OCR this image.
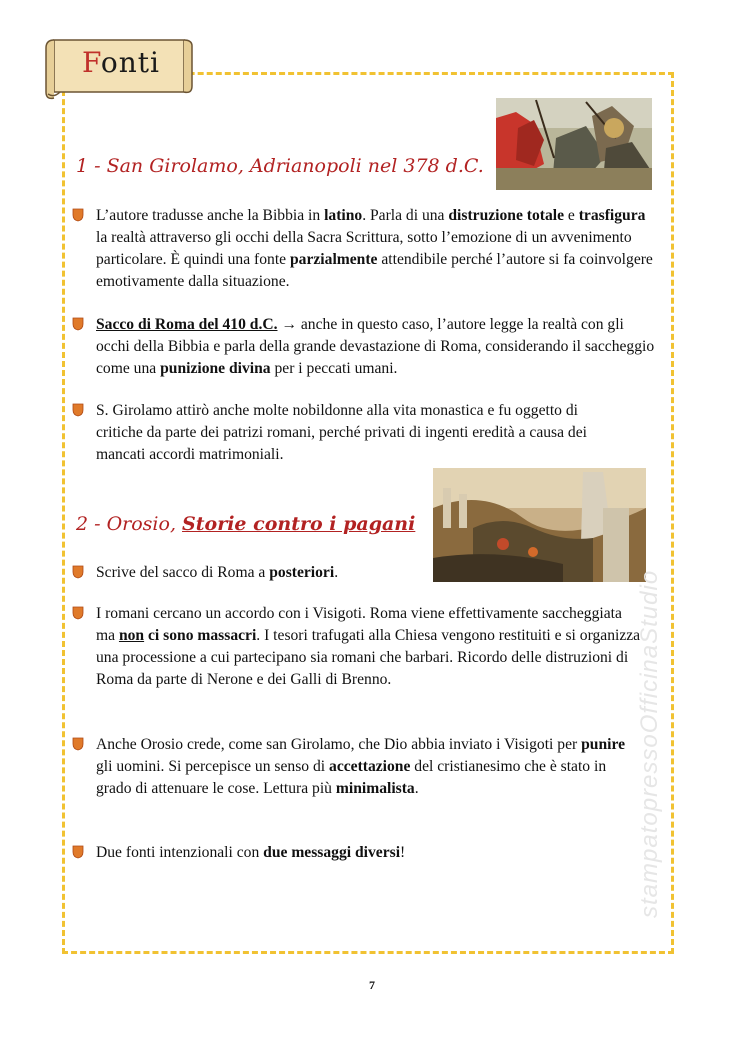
Fonti
1 - San Girolamo, Adrianopoli nel 378 d.C.
L’autore tradusse anche la Bibbia in latino. Parla di una distruzione totale e trasfigura la realtà attraverso gli occhi della Sacra Scrittura, sotto l’emozione di un avvenimento particolare. È quindi una fonte parzialmente attendibile perché l’autore si fa coinvolgere emotivamente dalla situazione.
Sacco di Roma del 410 d.C. → anche in questo caso, l’autore legge la realtà con gli occhi della Bibbia e parla della grande devastazione di Roma, considerando il saccheggio come una punizione divina per i peccati umani.
S. Girolamo attirò anche molte nobildonne alla vita monastica e fu oggetto di critiche da parte dei patrizi romani, perché privati di ingenti eredità a causa dei mancati accordi matrimoniali.
2 - Orosio, Storie contro i pagani
Scrive del sacco di Roma a posteriori.
I romani cercano un accordo con i Visigoti. Roma viene effettivamente saccheggiata ma non ci sono massacri. I tesori trafugati alla Chiesa vengono restituiti e si organizza una processione a cui partecipano sia romani che barbari. Ricordo delle distruzioni di Roma da parte di Nerone e dei Galli di Brenno.
Anche Orosio crede, come san Girolamo, che Dio abbia inviato i Visigoti per punire gli uomini. Si percepisce un senso di accettazione del cristianesimo che è stato in grado di attenuare le cose. Lettura più minimalista.
Due fonti intenzionali con due messaggi diversi!	stampatopressoOfficinaStudio
7
